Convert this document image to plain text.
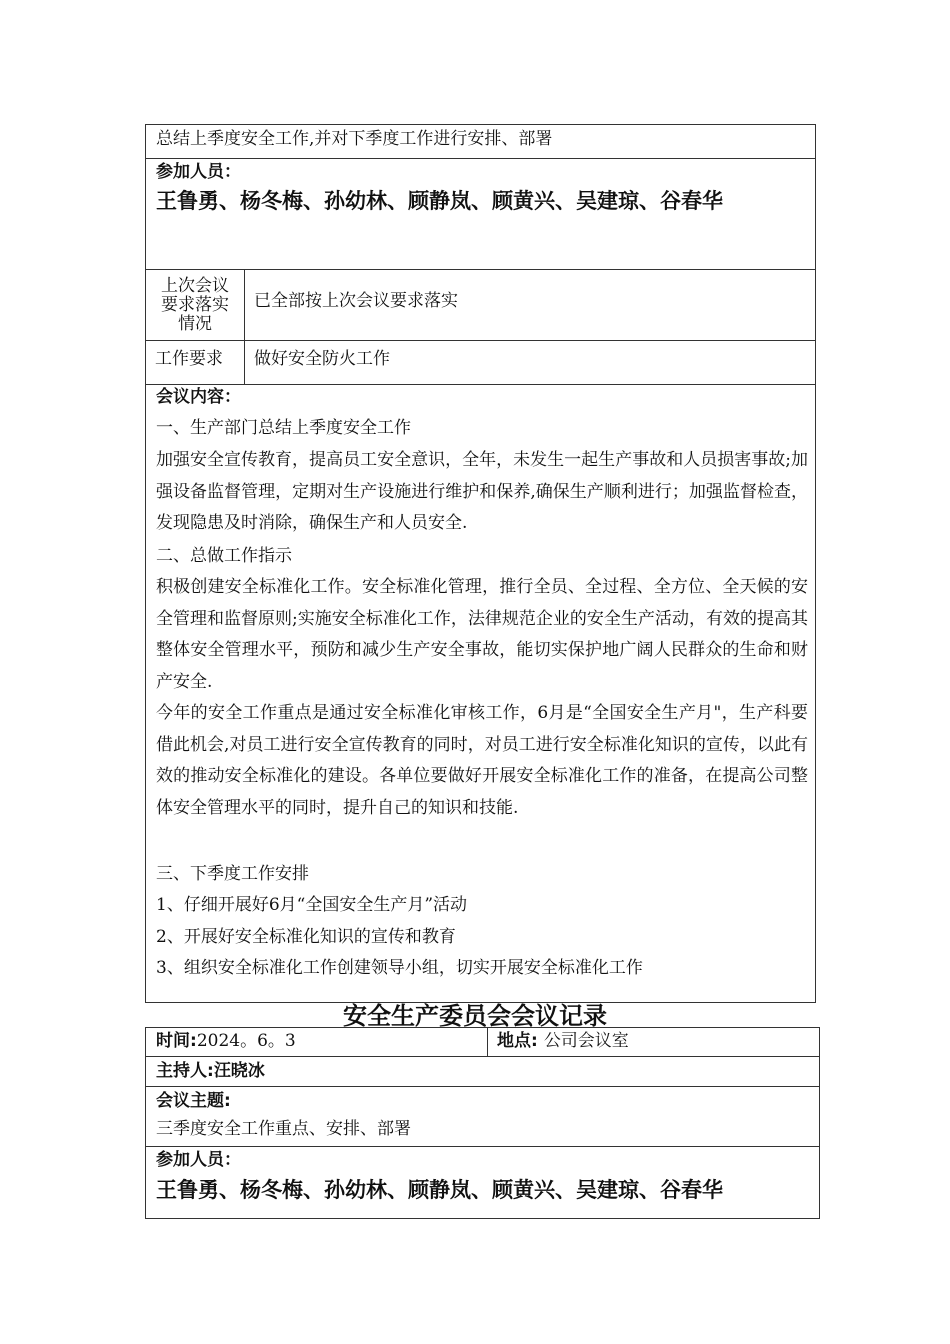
总结上季度安全工作,并对下季度工作进行安排、部署
参加人员：
王鲁勇、杨冬梅、孙幼林、顾静岚、顾黄兴、吴建琼、谷春华
上次会议
要求落实
情况
已全部按上次会议要求落实
工作要求 做好安全防火工作
会议内容：
一、生产部门总结上季度安全工作
加强安全宣传教育，提高员工安全意识，全年，未发生一起生产事故和人员损害事故;加强设备监督管理，定期对生产设施进行维护和保养,确保生产顺利进行；加强监督检查，发现隐患及时消除，确保生产和人员安全.
二、总做工作指示
积极创建安全标准化工作。安全标准化管理，推行全员、全过程、全方位、全天候的安全管理和监督原则;实施安全标准化工作，法律规范企业的安全生产活动，有效的提高其整体安全管理水平，预防和减少生产安全事故，能切实保护地广阔人民群众的生命和财产安全.
今年的安全工作重点是通过安全标准化审核工作，6月是“全国安全生产月"，生产科要借此机会,对员工进行安全宣传教育的同时，对员工进行安全标准化知识的宣传，以此有效的推动安全标准化的建设。各单位要做好开展安全标准化工作的准备，在提高公司整体安全管理水平的同时，提升自己的知识和技能.
三、下季度工作安排
1、仔细开展好6月“全国安全生产月”活动
2、开展好安全标准化知识的宣传和教育
3、组织安全标准化工作创建领导小组，切实开展安全标准化工作
安全生产委员会会议记录
时间:2024。6。3	地点: 公司会议室
主持人:汪晓冰
会议主题:
三季度安全工作重点、安排、部署
参加人员：
王鲁勇、杨冬梅、孙幼林、顾静岚、顾黄兴、吴建琼、谷春华
